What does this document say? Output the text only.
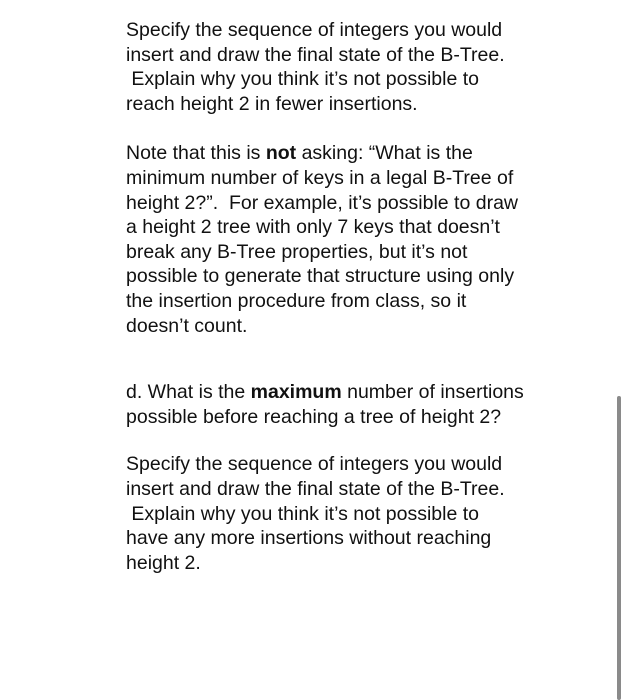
Specify the sequence of integers you would
insert and draw the final state of the B-Tree.
Explain why you think it’s not possible to
reach height 2 in fewer insertions.
Note that this is not asking: “What is the
minimum number of keys in a legal B-Tree of
height 2?”.  For example, it’s possible to draw
a height 2 tree with only 7 keys that doesn’t
break any B-Tree properties, but it’s not
possible to generate that structure using only
the insertion procedure from class, so it
doesn’t count.
d. What is the maximum number of insertions
possible before reaching a tree of height 2?
Specify the sequence of integers you would
insert and draw the final state of the B-Tree.
Explain why you think it’s not possible to
have any more insertions without reaching
height 2.
